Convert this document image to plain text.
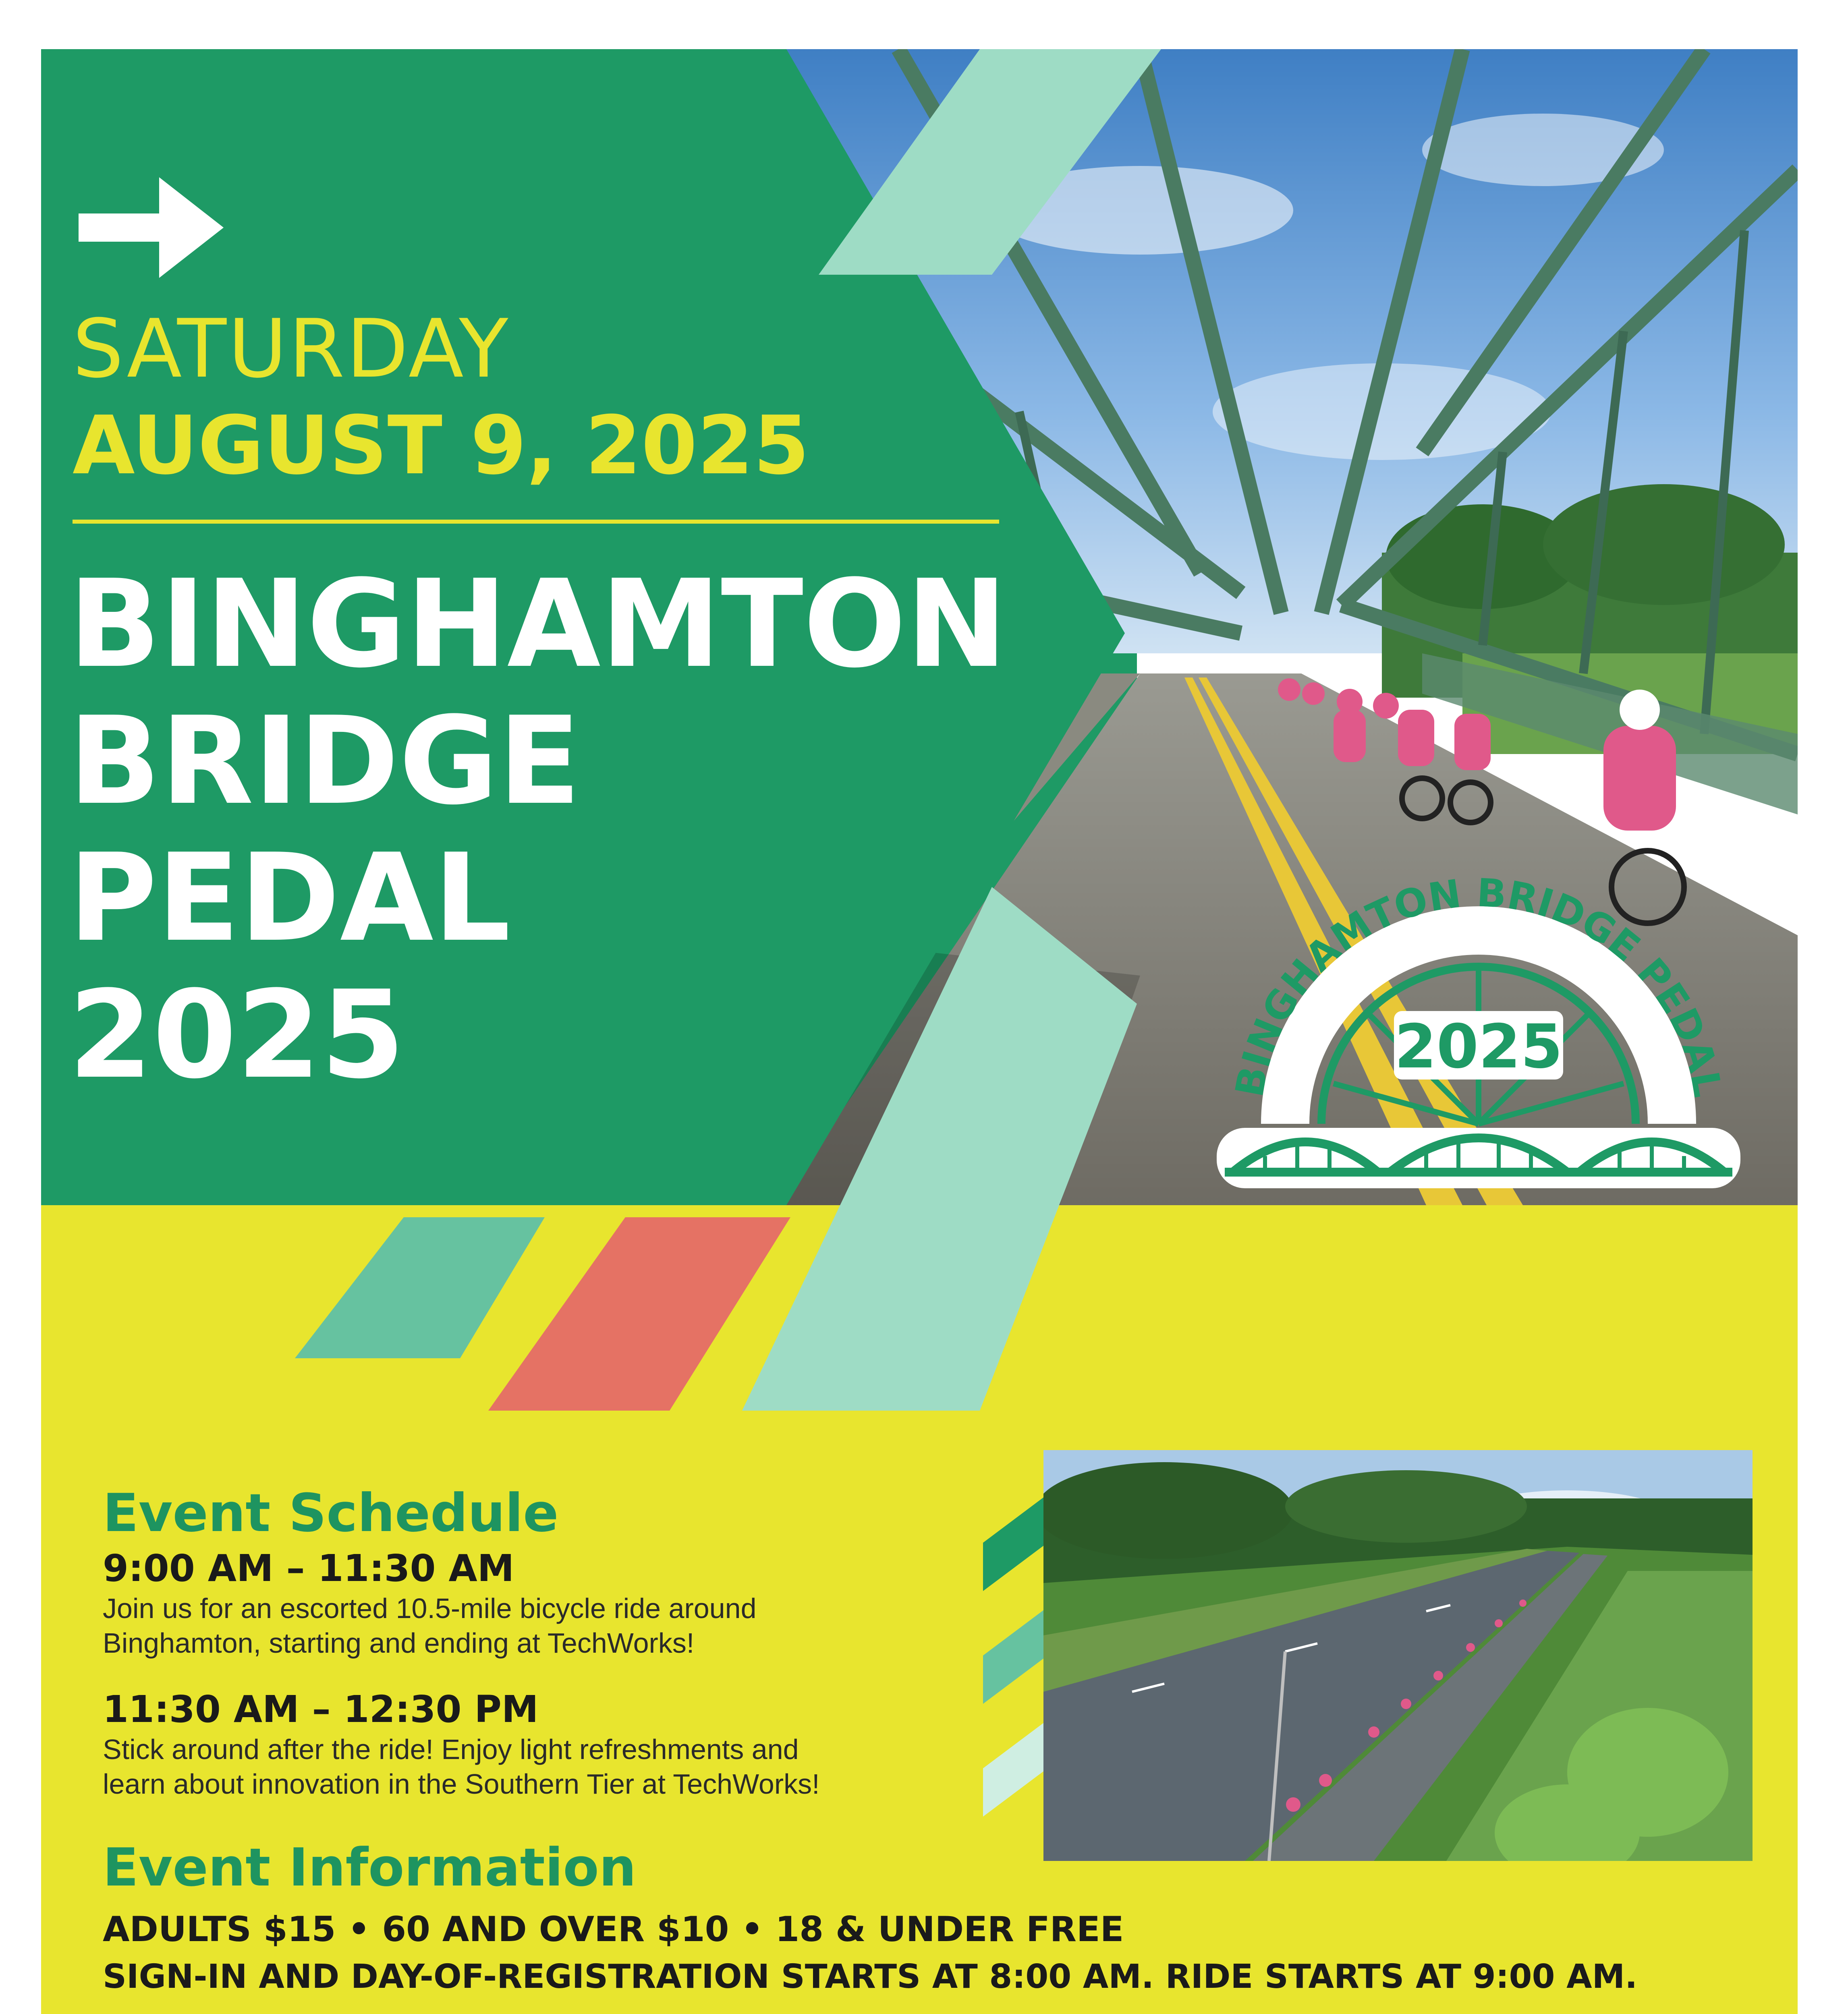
SATURDAY
AUGUST 9, 2025
BINGHAMTON
BRIDGE
PEDAL
2025	2025
BINGHAMTON BRIDGE PEDAL
Event Schedule
9:00 AM – 11:30 AM
Join us for an escorted 10.5-mile bicycle ride around
Binghamton, starting and ending at TechWorks!
11:30 AM – 12:30 PM
Stick around after the ride! Enjoy light refreshments and
learn about innovation in the Southern Tier at TechWorks!
Event Information
ADULTS $15 • 60 AND OVER $10 • 18 & UNDER FREE
SIGN-IN AND DAY-OF-REGISTRATION STARTS AT 8:00 AM. RIDE STARTS AT 9:00 AM.
